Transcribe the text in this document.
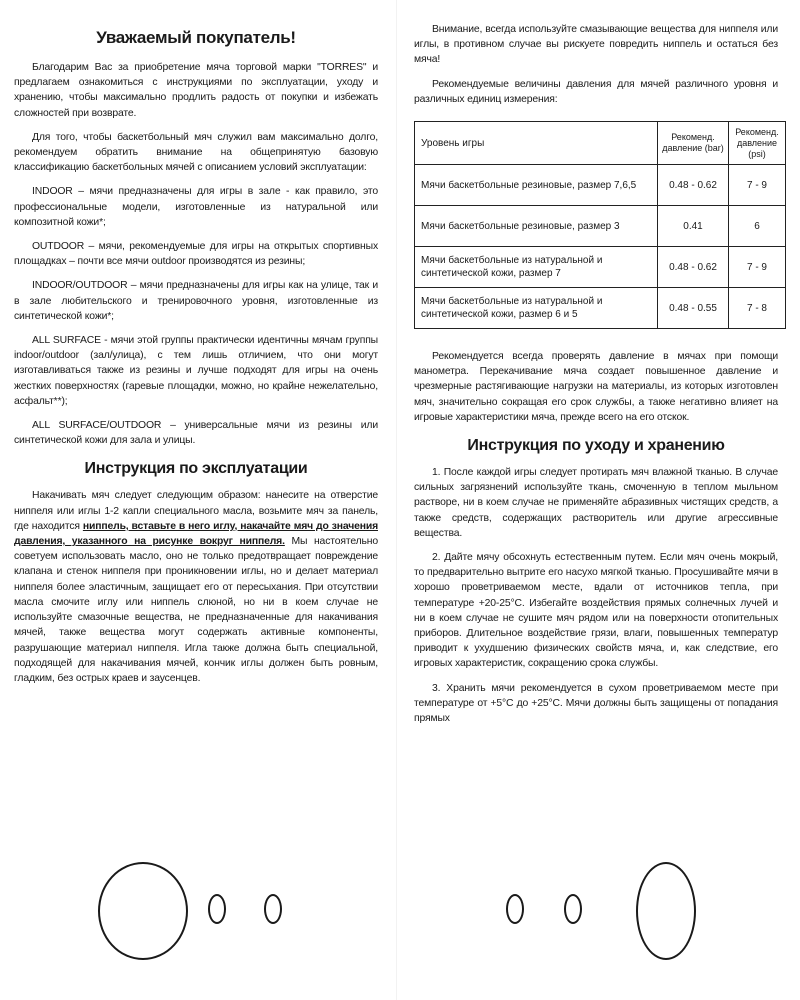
Уважаемый покупатель!

Благодарим Вас за приобретение мяча торговой марки "TORRES" и предлагаем ознакомиться с инструкциями по эксплуатации, уходу и хранению, чтобы максимально продлить радость от покупки и избежать сложностей при возврате.

Для того, чтобы баскетбольный мяч служил вам максимально долго, рекомендуем обратить внимание на общепринятую базовую классификацию баскетбольных мячей с описанием условий эксплуатации:

INDOOR – мячи предназначены для игры в зале - как правило, это профессиональные модели, изготовленные из натуральной или композитной кожи*;

OUTDOOR – мячи, рекомендуемые для игры на открытых спортивных площадках – почти все мячи outdoor производятся из резины;

INDOOR/OUTDOOR – мячи предназначены для игры как на улице, так и в зале любительского и тренировочного уровня, изготовленные из синтетической кожи*;

ALL SURFACE - мячи этой группы практически идентичны мячам группы indoor/outdoor (зал/улица), с тем лишь отличием, что они могут изготавливаться также из резины и лучше подходят для игры на очень жестких поверхностях (гаревые площадки, можно, но крайне нежелательно, асфальт**);

ALL SURFACE/OUTDOOR – универсальные мячи из резины или синтетической кожи для зала и улицы.

Инструкция по эксплуатации

Накачивать мяч следует следующим образом: нанесите на отверстие ниппеля или иглы 1-2 капли специального масла, возьмите мяч за панель, где находится ниппель, вставьте в него иглу, накачайте мяч до значения давления, указанного на рисунке вокруг ниппеля. Мы настоятельно советуем использовать масло, оно не только предотвращает повреждение клапана и стенок ниппеля при проникновении иглы, но и делает материал ниппеля более эластичным, защищает его от пересыхания. При отсутствии масла смочите иглу или ниппель слюной, но ни в коем случае не используйте смазочные вещества, не предназначенные для накачивания мячей, также вещества могут содержать активные компоненты, разрушающие материал ниппеля. Игла также должна быть специальной, подходящей для накачивания мячей, кончик иглы должен быть ровным, гладким, без острых краев и заусенцев.

Внимание, всегда используйте смазывающие вещества для ниппеля или иглы, в противном случае вы рискуете повредить ниппель и остаться без мяча!

Рекомендуемые величины давления для мячей различного уровня и различных единиц измерения:

Уровень игры	Рекоменд. давление (bar)	Рекоменд. давление (psi)
Мячи баскетбольные резиновые, размер 7,6,5	0.48 - 0.62	7 - 9
Мячи баскетбольные резиновые, размер 3	0.41	6
Мячи баскетбольные из натуральной и синтетической кожи, размер 7	0.48 - 0.62	7 - 9
Мячи баскетбольные из натуральной и синтетической кожи, размер 6 и 5	0.48 - 0.55	7 - 8

Рекомендуется всегда проверять давление в мячах при помощи манометра. Перекачивание мяча создает повышенное давление и чрезмерные растягивающие нагрузки на материалы, из которых изготовлен мяч, значительно сокращая его срок службы, а также негативно влияет на игровые характеристики мяча, прежде всего на его отскок.

Инструкция по уходу и хранению

1. После каждой игры следует протирать мяч влажной тканью. В случае сильных загрязнений используйте ткань, смоченную в теплом мыльном растворе, ни в коем случае не применяйте абразивных чистящих средств, а также средств, содержащих растворитель или другие агрессивные вещества.

2. Дайте мячу обсохнуть естественным путем. Если мяч очень мокрый, то предварительно вытрите его насухо мягкой тканью. Просушивайте мячи в хорошо проветриваемом месте, вдали от источников тепла, при температуре +20-25°С. Избегайте воздействия прямых солнечных лучей и ни в коем случае не сушите мяч рядом или на поверхности отопительных приборов. Длительное воздействие грязи, влаги, повышенных температур приводит к ухудшению физических свойств мяча, и, как следствие, его игровых характеристик, сокращению срока службы.

3. Хранить мячи рекомендуется в сухом проветриваемом месте при температуре от +5°С до +25°С. Мячи должны быть защищены от попадания прямых
